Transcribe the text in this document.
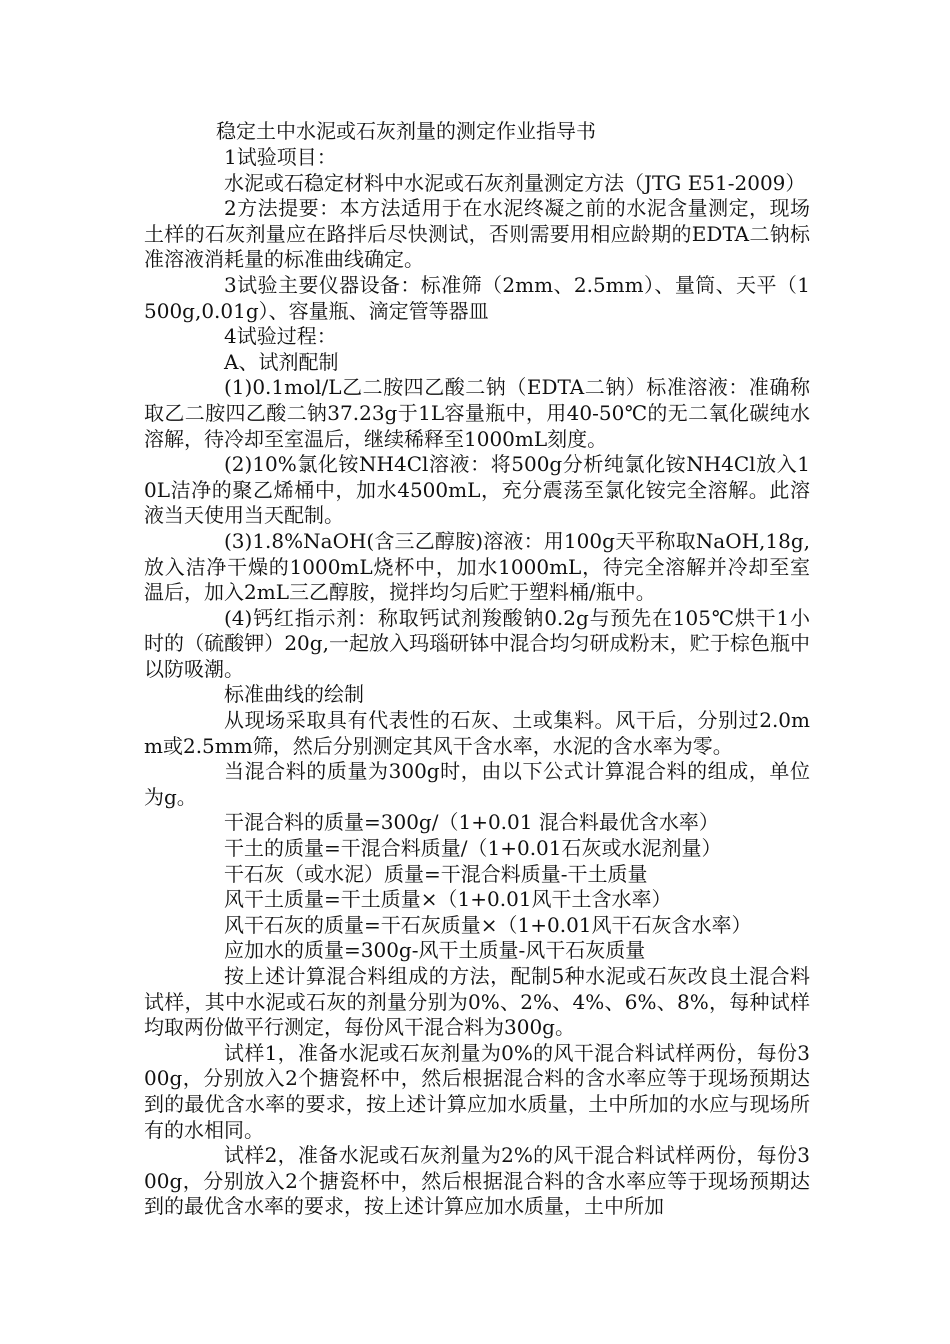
稳定土中水泥或石灰剂量的测定作业指导书

1试验项目：

水泥或石稳定材料中水泥或石灰剂量测定方法（JTG E51-2009）

2方法提要：本方法适用于在水泥终凝之前的水泥含量测定，现场土样的石灰剂量应在路拌后尽快测试，否则需要用相应龄期的EDTA二钠标准溶液消耗量的标准曲线确定。

3试验主要仪器设备：标准筛（2mm、2.5mm）、量筒、天平（1500g,0.01g）、容量瓶、滴定管等器皿

4试验过程：

A、试剂配制

(1)0.1mol/L乙二胺四乙酸二钠（EDTA二钠）标准溶液：准确称取乙二胺四乙酸二钠37.23g于1L容量瓶中，用40-50℃的无二氧化碳纯水溶解，待冷却至室温后，继续稀释至1000mL刻度。

(2)10%氯化铵NH4Cl溶液：将500g分析纯氯化铵NH4Cl放入10L洁净的聚乙烯桶中，加水4500mL，充分震荡至氯化铵完全溶解。此溶液当天使用当天配制。

(3)1.8%NaOH(含三乙醇胺)溶液：用100g天平称取NaOH,18g,放入洁净干燥的1000mL烧杯中，加水1000mL，待完全溶解并冷却至室温后，加入2mL三乙醇胺，搅拌均匀后贮于塑料桶/瓶中。

(4)钙红指示剂：称取钙试剂羧酸钠0.2g与预先在105℃烘干1小时的（硫酸钾）20g,一起放入玛瑙研钵中混合均匀研成粉末，贮于棕色瓶中以防吸潮。

标准曲线的绘制

从现场采取具有代表性的石灰、土或集料。风干后，分别过2.0mm或2.5mm筛，然后分别测定其风干含水率，水泥的含水率为零。

当混合料的质量为300g时，由以下公式计算混合料的组成，单位为g。

干混合料的质量=300g/（1+0.01 混合料最优含水率）

干土的质量=干混合料质量/（1+0.01石灰或水泥剂量）

干石灰（或水泥）质量=干混合料质量-干土质量

风干土质量=干土质量×（1+0.01风干土含水率）

风干石灰的质量=干石灰质量×（1+0.01风干石灰含水率）

应加水的质量=300g-风干土质量-风干石灰质量

按上述计算混合料组成的方法，配制5种水泥或石灰改良土混合料试样，其中水泥或石灰的剂量分别为0%、2%、4%、6%、8%，每种试样均取两份做平行测定，每份风干混合料为300g。

试样1，准备水泥或石灰剂量为0%的风干混合料试样两份，每份300g，分别放入2个搪瓷杯中，然后根据混合料的含水率应等于现场预期达到的最优含水率的要求，按上述计算应加水质量，土中所加的水应与现场所有的水相同。

试样2，准备水泥或石灰剂量为2%的风干混合料试样两份，每份300g，分别放入2个搪瓷杯中，然后根据混合料的含水率应等于现场预期达到的最优含水率的要求，按上述计算应加水质量，土中所加
